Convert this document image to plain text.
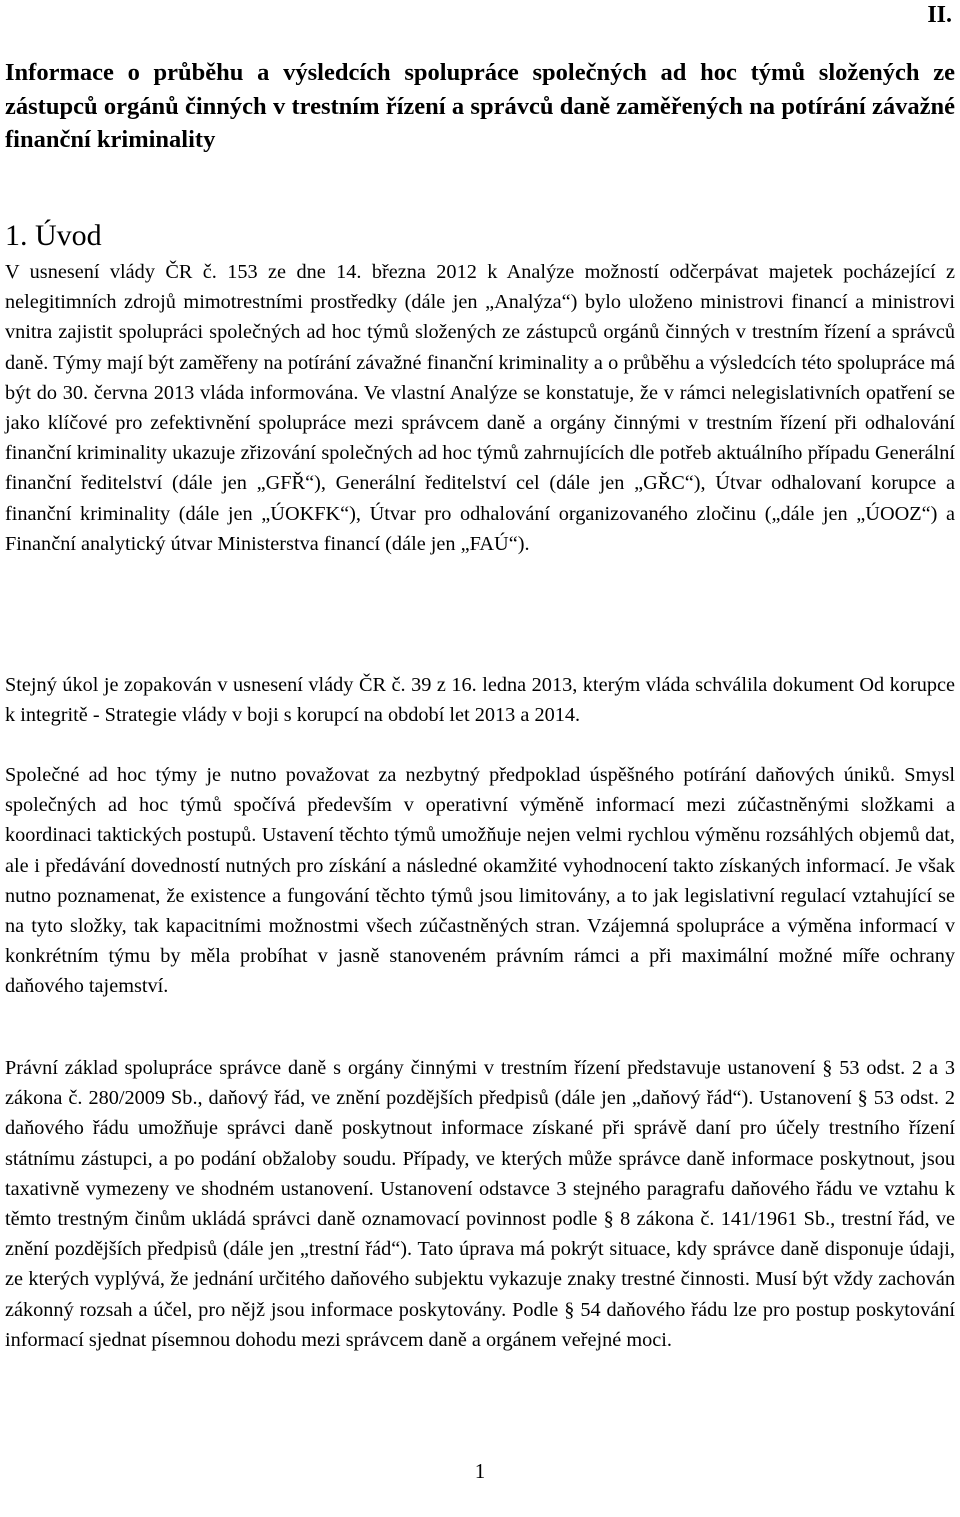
II.

Informace o průběhu a výsledcích spolupráce společných ad hoc týmů složených ze zástupců orgánů činných v trestním řízení a správců daně zaměřených na potírání závažné finanční kriminality
1. Úvod

V usnesení vlády ČR č. 153 ze dne 14. března 2012 k Analýze možností odčerpávat majetek pocházející z nelegitimních zdrojů mimotrestními prostředky (dále jen „Analýza“) bylo uloženo ministrovi financí a ministrovi vnitra zajistit spolupráci společných ad hoc týmů složených ze zástupců orgánů činných v trestním řízení a správců daně. Týmy mají být zaměřeny na potírání závažné finanční kriminality a o průběhu a výsledcích této spolupráce má být do 30. června 2013 vláda informována. Ve vlastní Analýze se konstatuje, že v rámci nelegislativních opatření se jako klíčové pro zefektivnění spolupráce mezi správcem daně a orgány činnými v trestním řízení při odhalování finanční kriminality ukazuje zřizování společných ad hoc týmů zahrnujících dle potřeb aktuálního případu Generální finanční ředitelství (dále jen „GFŘ“), Generální ředitelství cel (dále jen „GŘC“), Útvar odhalovaní korupce a finanční kriminality (dále jen „ÚOKFK“), Útvar pro odhalování organizovaného zločinu („dále jen „ÚOOZ“) a Finanční analytický útvar Ministerstva financí (dále jen „FAÚ“).

Stejný úkol je zopakován v usnesení vlády ČR č. 39 z 16. ledna 2013, kterým vláda schválila dokument Od korupce k integritě - Strategie vlády v boji s korupcí na období let 2013 a 2014.

Společné ad hoc týmy je nutno považovat za nezbytný předpoklad úspěšného potírání daňových úniků. Smysl společných ad hoc týmů spočívá především v operativní výměně informací mezi zúčastněnými složkami a koordinaci taktických postupů. Ustavení těchto týmů umožňuje nejen velmi rychlou výměnu rozsáhlých objemů dat, ale i předávání dovedností nutných pro získání a následné okamžité vyhodnocení takto získaných informací. Je však nutno poznamenat, že existence a fungování těchto týmů jsou limitovány, a to jak legislativní regulací vztahující se na tyto složky, tak kapacitními možnostmi všech zúčastněných stran. Vzájemná spolupráce a výměna informací v konkrétním týmu by měla probíhat v jasně stanoveném právním rámci a při maximální možné míře ochrany daňového tajemství.

Právní základ spolupráce správce daně s orgány činnými v trestním řízení představuje ustanovení § 53 odst. 2 a 3 zákona č. 280/2009 Sb., daňový řád, ve znění pozdějších předpisů (dále jen „daňový řád“). Ustanovení § 53 odst. 2 daňového řádu umožňuje správci daně poskytnout informace získané při správě daní pro účely trestního řízení státnímu zástupci, a po podání obžaloby soudu. Případy, ve kterých může správce daně informace poskytnout, jsou taxativně vymezeny ve shodném ustanovení. Ustanovení odstavce 3 stejného paragrafu daňového řádu ve vztahu k těmto trestným činům ukládá správci daně oznamovací povinnost podle § 8 zákona č. 141/1961 Sb., trestní řád, ve znění pozdějších předpisů (dále jen „trestní řád“). Tato úprava má pokrýt situace, kdy správce daně disponuje údaji, ze kterých vyplývá, že jednání určitého daňového subjektu vykazuje znaky trestné činnosti. Musí být vždy zachován zákonný rozsah a účel, pro nějž jsou informace poskytovány. Podle § 54 daňového řádu lze pro postup poskytování informací sjednat písemnou dohodu mezi správcem daně a orgánem veřejné moci.

1
